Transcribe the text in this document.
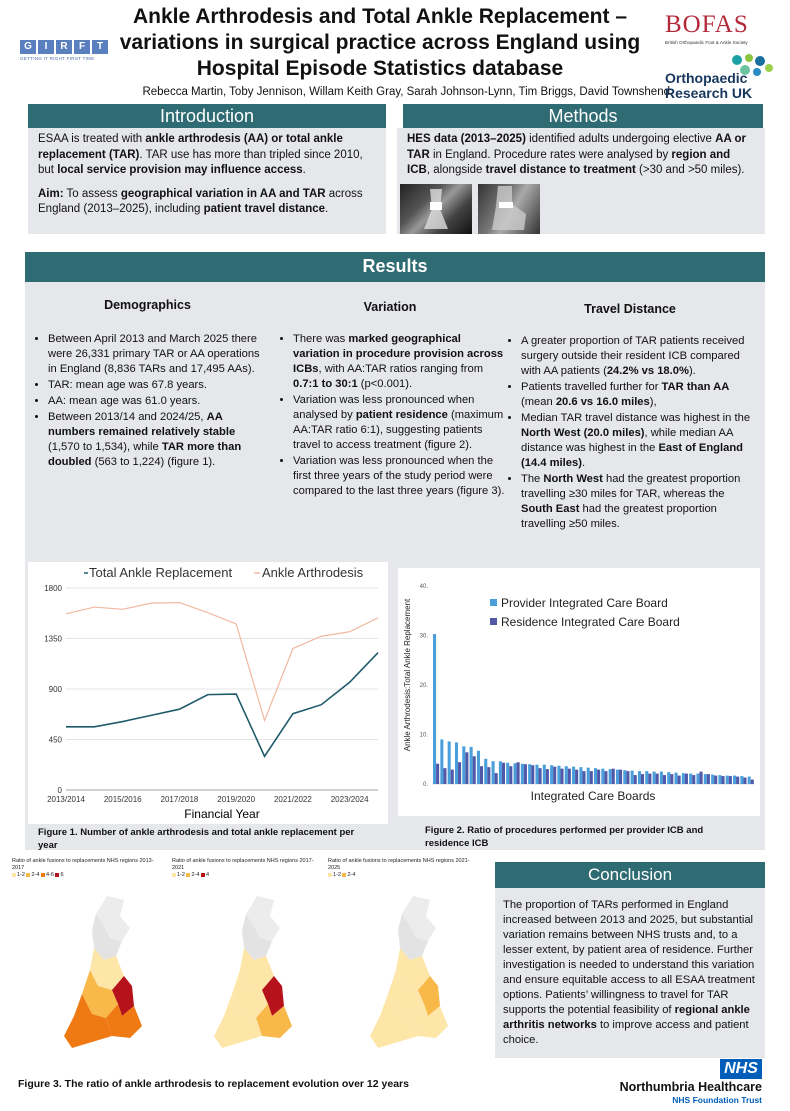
G	I	R	F	T
GETTING IT RIGHT FIRST TIME
Ankle Arthrodesis and Total Ankle Replacement –
variations in surgical practice across England using
Hospital Episode Statistics database
Rebecca Martin, Toby Jennison, Willam Keith Gray, Sarah Johnson-Lynn, Tim Briggs, David Townshend
BOFAS
British Orthopaedic Foot & Ankle Society
Orthopaedic
Research UK
Introduction

ESAA is treated with ankle arthrodesis (AA) or total ankle replacement (TAR). TAR use has more than tripled since 2010, but local service provision may influence access.

Aim: To assess geographical variation in AA and TAR across England (2013–2025), including patient travel distance.

Methods

HES data (2013–2025) identified adults undergoing elective AA or TAR in England. Procedure rates were analysed by region and ICB, alongside travel distance to treatment (>30 and >50 miles).

Results
Demographics
• Between April 2013 and March 2025 there were 26,331 primary TAR or AA operations in England (8,836 TARs and 17,495 AAs).
• TAR: mean age was 67.8 years.
• AA: mean age was 61.0 years.
• Between 2013/14 and 2024/25, AA numbers remained relatively stable (1,570 to 1,534), while TAR more than doubled (563 to 1,224) (figure 1).
Variation
• There was marked geographical variation in procedure provision across ICBs, with AA:TAR ratios ranging from 0.7:1 to 30:1 (p<0.001).
• Variation was less pronounced when analysed by patient residence (maximum AA:TAR ratio 6:1), suggesting patients travel to access treatment (figure 2).
• Variation was less pronounced when the first three years of the study period were compared to the last three years (figure 3).
Travel Distance
• A greater proportion of TAR patients received surgery outside their resident ICB compared with AA patients (24.2% vs 18.0%).
• Patients travelled further for TAR than AA (mean 20.6 vs 16.0 miles),
• Median TAR travel distance was highest in the North West (20.0 miles), while median AA distance was highest in the East of England (14.4 miles).
• The North West had the greatest proportion travelling ≥30 miles for TAR, whereas the South East had the greatest proportion travelling ≥50 miles.
0
450
900
1350
1800
2013/2014 2015/2016 2017/2018 2019/2020 2021/2022 2023/2024
Financial Year
Total Ankle Replacement Ankle Arthrodesis
Figure 1. Number of ankle arthrodesis and total ankle replacement per year
0.
10.
20.
30.
40.
Integrated Care Boards
Ankle Arthrodesis:Total Ankle Replacement	Provider Integrated Care Board
Residence Integrated Care Board
Figure 2. Ratio of procedures performed per provider ICB and residence ICB
Ratio of ankle fusions to replacements NHS regions 2013-2017
1-2 2-4 4-6 6
Ratio of ankle fusions to replacements NHS regions 2017-2021
1-2 2-4 4
Ratio of ankle fusions to replacements NHS regions 2021-2025
1-2 2-4
Figure 3. The ratio of ankle arthrodesis to replacement evolution over 12 years
Conclusion
The proportion of TARs performed in England increased between 2013 and 2025, but substantial variation remains between NHS trusts and, to a lesser extent, by patient area of residence. Further investigation is needed to understand this variation and ensure equitable access to all ESAA treatment options. Patients’ willingness to travel for TAR supports the potential feasibility of regional ankle arthritis networks to improve access and patient choice.
NHS
Northumbria Healthcare
NHS Foundation Trust
